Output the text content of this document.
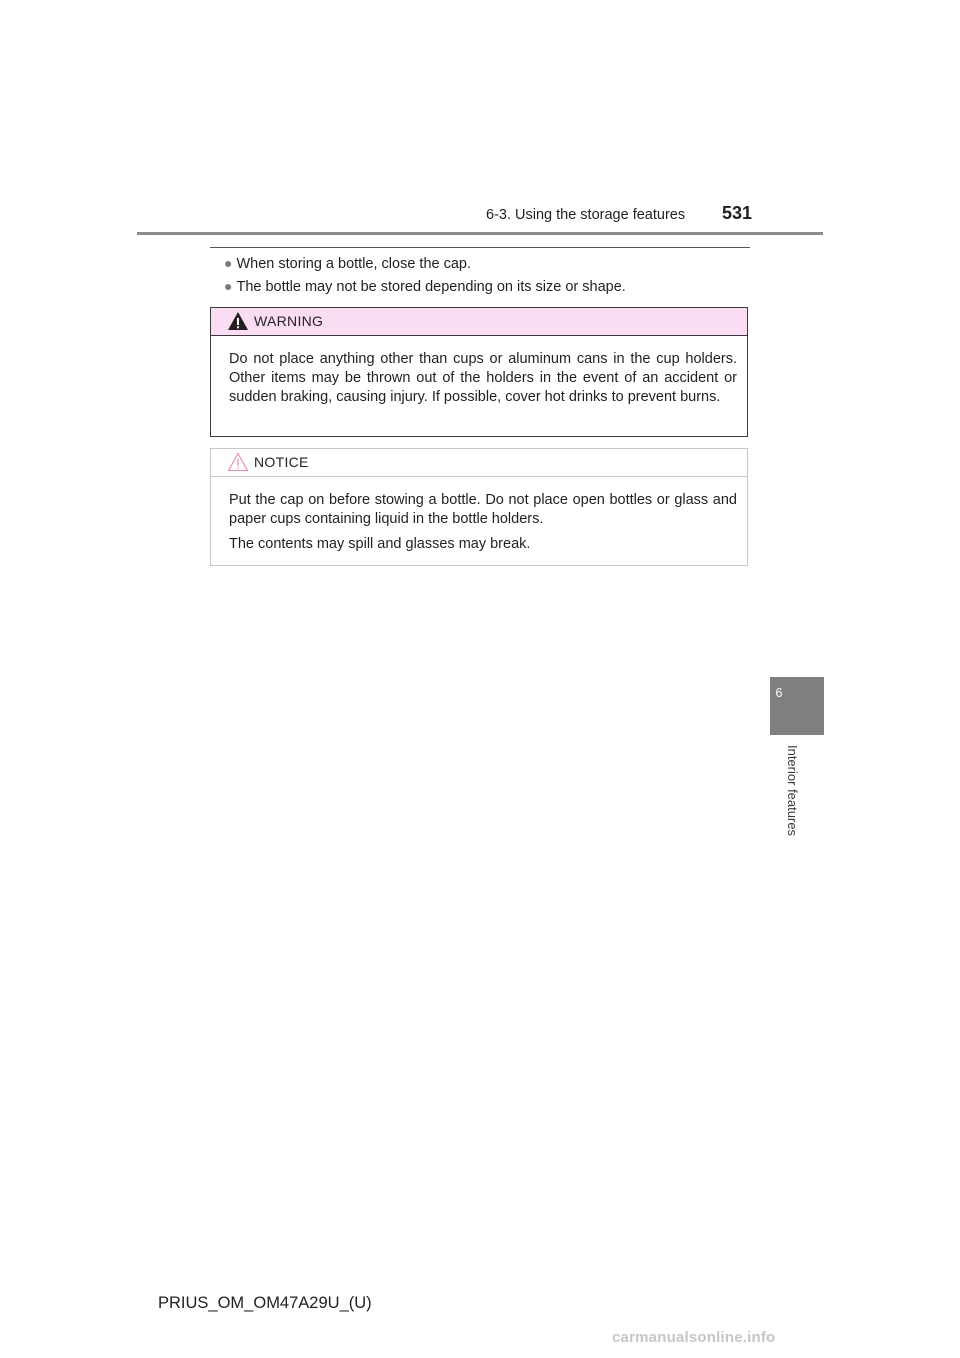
6-3. Using the storage features 531
6
Interior features
● When storing a bottle, close the cap.
● The bottle may not be stored depending on its size or shape.
WARNING

Do not place anything other than cups or aluminum cans in the cup holders. Other items may be thrown out of the holders in the event of an accident or sudden braking, causing injury. If possible, cover hot drinks to prevent burns.

NOTICE

Put the cap on before stowing a bottle. Do not place open bottles or glass and paper cups containing liquid in the bottle holders.

The contents may spill and glasses may break.

PRIUS_OM_OM47A29U_(U)
carmanualsonline.info
